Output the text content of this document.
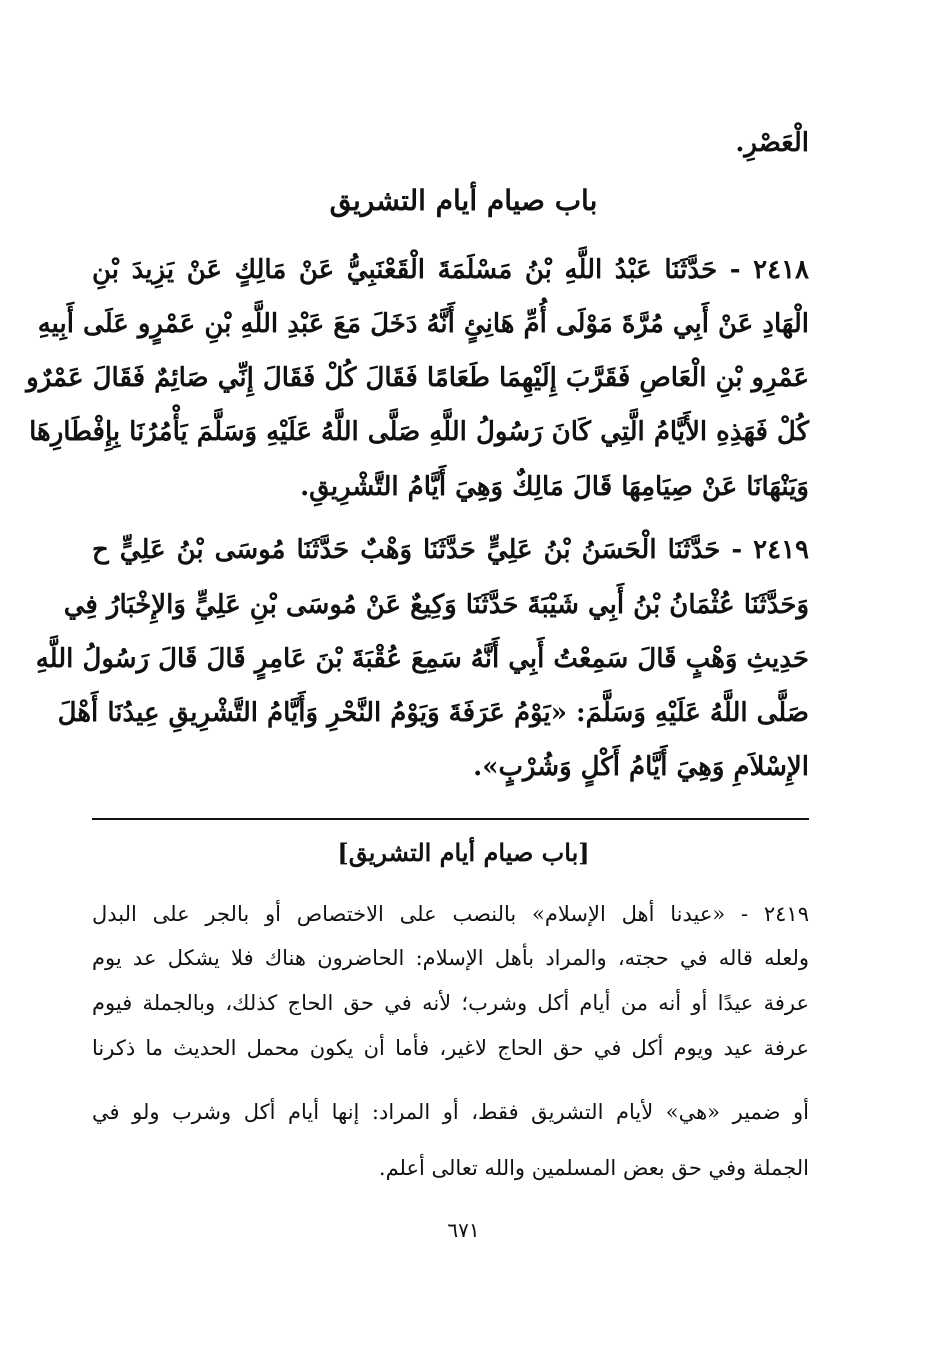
الْعَصْرِ.
باب صيام أيام التشريق
٢٤١٨ - حَدَّثَنَا عَبْدُ اللَّهِ بْنُ مَسْلَمَةَ الْقَعْنَبِيُّ عَنْ مَالِكٍ عَنْ يَزِيدَ بْنِ
الْهَادِ عَنْ أَبِي مُرَّةَ مَوْلَى أُمِّ هَانِئٍ أَنَّهُ دَخَلَ مَعَ عَبْدِ اللَّهِ بْنِ عَمْرٍو عَلَى أَبِيهِ
عَمْرِو بْنِ الْعَاصِ فَقَرَّبَ إِلَيْهِمَا طَعَامًا فَقَالَ كُلْ فَقَالَ إِنِّي صَائِمٌ فَقَالَ عَمْرٌو
كُلْ فَهَذِهِ الأَيَّامُ الَّتِي كَانَ رَسُولُ اللَّهِ صَلَّى اللَّهُ عَلَيْهِ وَسَلَّمَ يَأْمُرُنَا بِإِفْطَارِهَا
وَيَنْهَانَا عَنْ صِيَامِهَا قَالَ مَالِكٌ وَهِيَ أَيَّامُ التَّشْرِيقِ.
٢٤١٩ - حَدَّثَنَا الْحَسَنُ بْنُ عَلِيٍّ حَدَّثَنَا وَهْبٌ حَدَّثَنَا مُوسَى بْنُ عَلِيٍّ ح
وَحَدَّثَنَا عُثْمَانُ بْنُ أَبِي شَيْبَةَ حَدَّثَنَا وَكِيعٌ عَنْ مُوسَى بْنِ عَلِيٍّ وَالإِخْبَارُ فِي
حَدِيثِ وَهْبٍ قَالَ سَمِعْتُ أَبِي أَنَّهُ سَمِعَ عُقْبَةَ بْنَ عَامِرٍ قَالَ قَالَ رَسُولُ اللَّهِ
صَلَّى اللَّهُ عَلَيْهِ وَسَلَّمَ: «يَوْمُ عَرَفَةَ وَيَوْمُ النَّحْرِ وَأَيَّامُ التَّشْرِيقِ عِيدُنَا أَهْلَ
الإِسْلاَمِ وَهِيَ أَيَّامُ أَكْلٍ وَشُرْبٍ».
[باب صيام أيام التشريق]
٢٤١٩ - «عيدنا أهل الإسلام» بالنصب على الاختصاص أو بالجر على البدل
ولعله قاله في حجته، والمراد بأهل الإسلام: الحاضرون هناك فلا يشكل عد يوم
عرفة عيدًا أو أنه من أيام أكل وشرب؛ لأنه في حق الحاج كذلك، وبالجملة فيوم
عرفة عيد ويوم أكل في حق الحاج لاغير، فأما أن يكون محمل الحديث ما ذكرنا
أو ضمير «هي» لأيام التشريق فقط، أو المراد: إنها أيام أكل وشرب ولو في
الجملة وفي حق بعض المسلمين والله تعالى أعلم.
٦٧١
